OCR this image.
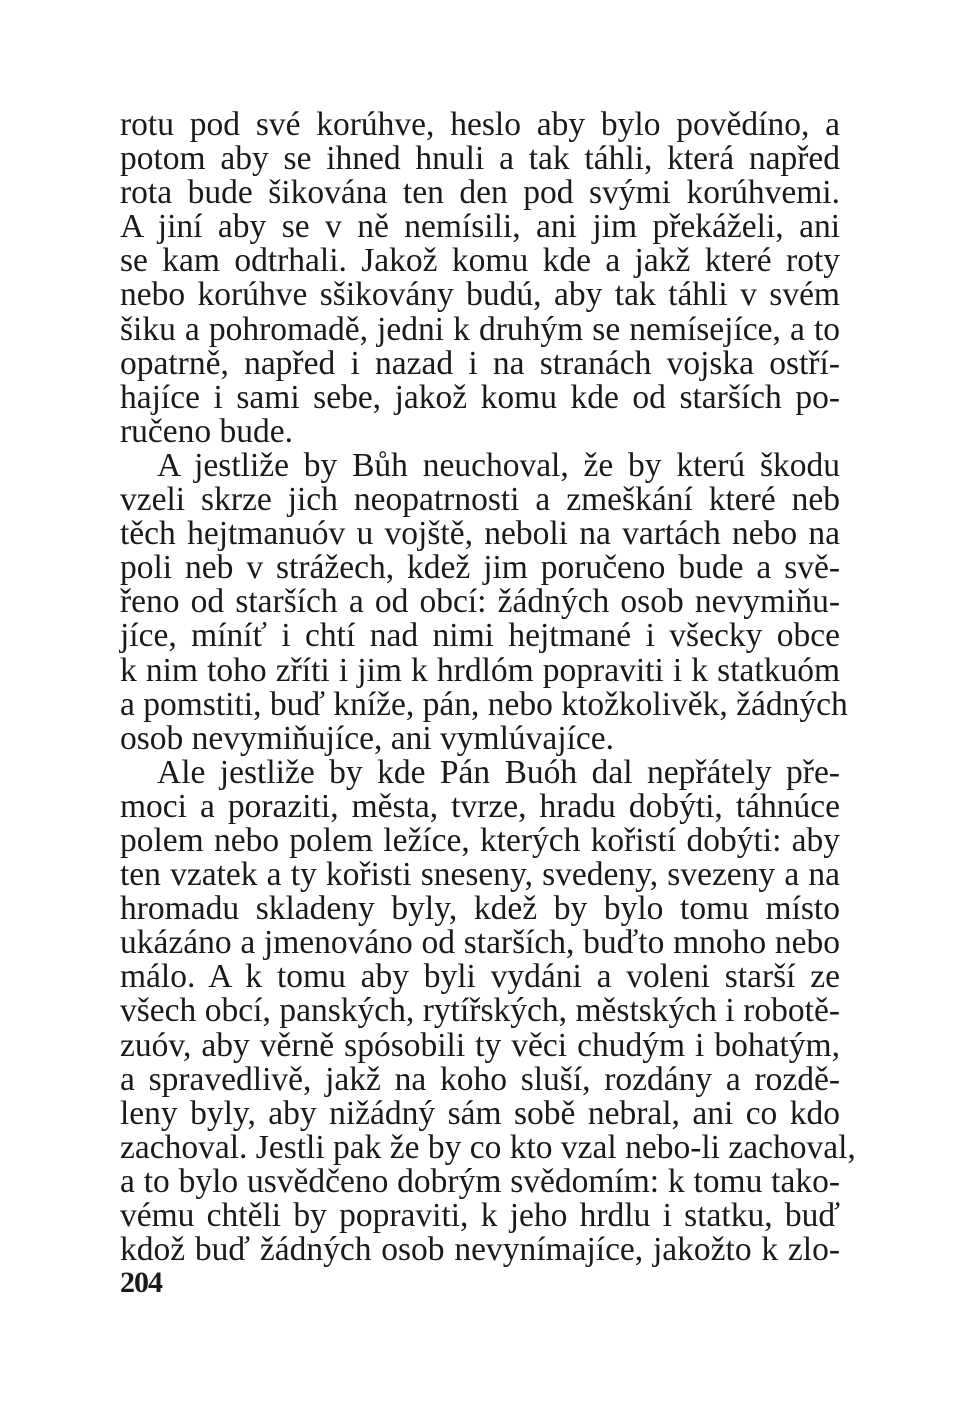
rotu pod své korúhve, heslo aby bylo povědíno, a
potom aby se ihned hnuli a tak táhli, která napřed
rota bude šikována ten den pod svými korúhvemi.
A jiní aby se v ně nemísili, ani jim překáželi, ani
se kam odtrhali. Jakož komu kde a jakž které roty
nebo korúhve sšikovány budú, aby tak táhli v svém
šiku a pohromadě, jedni k druhým se nemísejíce, a to
opatrně, napřed i nazad i na stranách vojska ostří-
hajíce i sami sebe, jakož komu kde od starších po-
ručeno bude.
A jestliže by Bůh neuchoval, že by kterú škodu
vzeli skrze jich neopatrnosti a zmeškání které neb
těch hejtmanuóv u vojště, neboli na vartách nebo na
poli neb v strážech, kdež jim poručeno bude a svě-
řeno od starších a od obcí: žádných osob nevymiňu-
jíce, míníť i chtí nad nimi hejtmané i všecky obce
k nim toho zříti i jim k hrdlóm popraviti i k statkuóm
a pomstiti, buď kníže, pán, nebo ktožkolivěk, žádných
osob nevymiňujíce, ani vymlúvajíce.
Ale jestliže by kde Pán Buóh dal nepřátely pře-
moci a poraziti, města, tvrze, hradu dobýti, táhnúce
polem nebo polem ležíce, kterých kořistí dobýti: aby
ten vzatek a ty kořisti sneseny, svedeny, svezeny a na
hromadu skladeny byly, kdež by bylo tomu místo
ukázáno a jmenováno od starších, buďto mnoho nebo
málo. A k tomu aby byli vydáni a voleni starší ze
všech obcí, panských, rytířských, městských i robotě-
zuóv, aby věrně spósobili ty věci chudým i bohatým,
a spravedlivě, jakž na koho sluší, rozdány a rozdě-
leny byly, aby nižádný sám sobě nebral, ani co kdo
zachoval. Jestli pak že by co kto vzal nebo-li zachoval,
a to bylo usvědčeno dobrým svědomím: k tomu tako-
vému chtěli by popraviti, k jeho hrdlu i statku, buď
kdož buď žádných osob nevynímajíce, jakožto k zlo-
204
